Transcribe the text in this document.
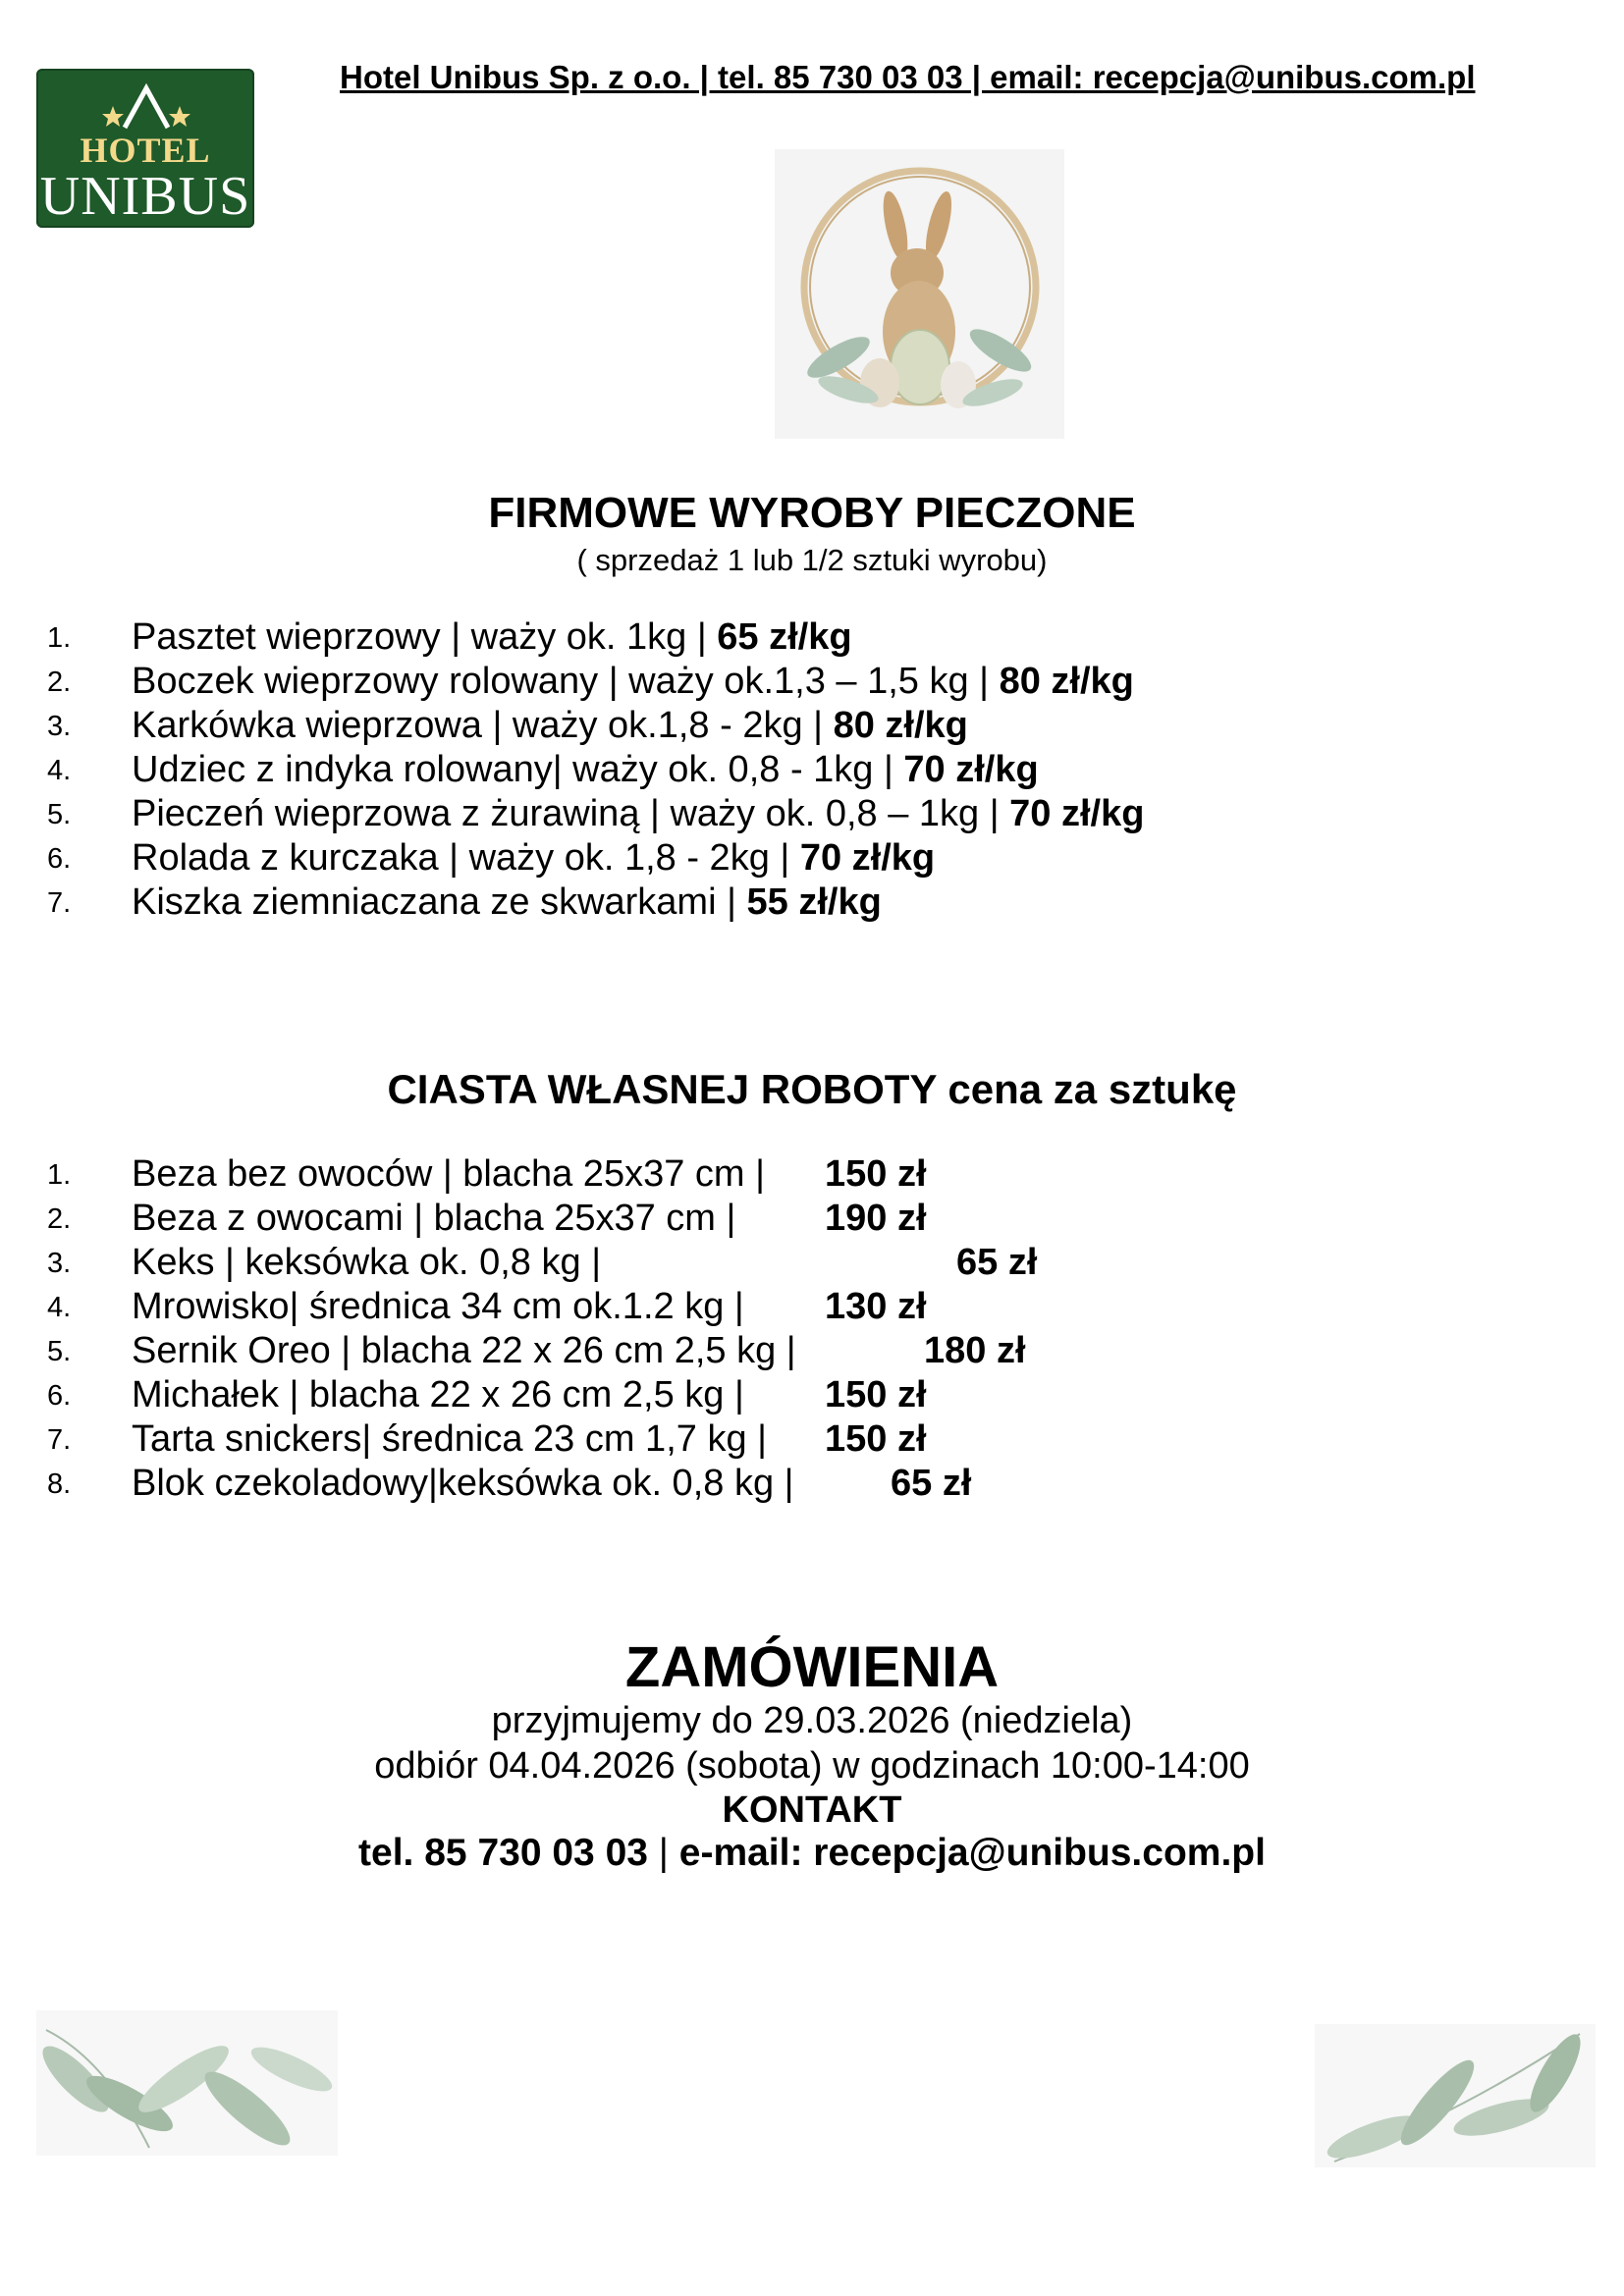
HOTEL
UNIBUS
Hotel Unibus Sp. z o.o. | tel. 85 730 03 03 | email: recepcja@unibus.com.pl
FIRMOWE WYROBY PIECZONE
( sprzedaż 1 lub 1/2 sztuki wyrobu)
1. Pasztet wieprzowy | waży ok. 1kg | 65 zł/kg
2. Boczek wieprzowy rolowany | waży ok.1,3 – 1,5 kg | 80 zł/kg
3. Karkówka wieprzowa | waży ok.1,8 - 2kg | 80 zł/kg
4. Udziec z indyka rolowany| waży ok. 0,8 - 1kg | 70 zł/kg
5. Pieczeń wieprzowa z żurawiną | waży ok. 0,8 – 1kg | 70 zł/kg
6. Rolada z kurczaka | waży ok. 1,8 - 2kg | 70 zł/kg
7. Kiszka ziemniaczana ze skwarkami | 55 zł/kg
CIASTA WŁASNEJ ROBOTY cena za sztukę
1. Beza bez owoców | blacha 25x37 cm | 150 zł
2. Beza z owocami | blacha 25x37 cm | 190 zł
3. Keks | keksówka ok. 0,8 kg |	65 zł
4. Mrowisko| średnica 34 cm ok.1.2 kg | 130 zł
5. Sernik Oreo | blacha 22 x 26 cm 2,5 kg |	180 zł
6. Michałek | blacha 22 x 26 cm 2,5 kg | 150 zł
7. Tarta snickers| średnica 23 cm 1,7 kg | 150 zł
8. Blok czekoladowy|keksówka ok. 0,8 kg |	65 zł
ZAMÓWIENIA
przyjmujemy do 29.03.2026 (niedziela)
odbiór 04.04.2026 (sobota) w godzinach 10:00-14:00
KONTAKT
tel. 85 730 03 03 | e-mail: recepcja@unibus.com.pl
